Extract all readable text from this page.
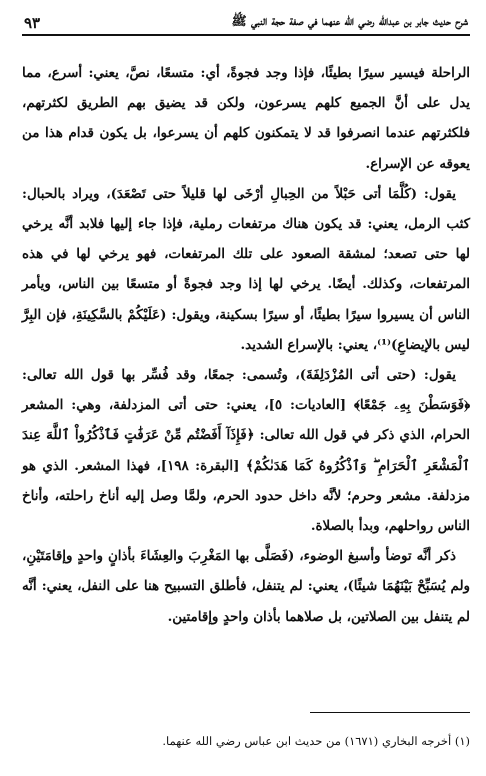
شرح حديث جابر بن عبدالله رضي الله عنهما في صفة حجة النبي ﷺ
٩٣

الراحلة فيسير سيرًا بطيئًا، فإذا وجد فجوةً، أي: متسعًا، نصَّ، يعني: أسرع، مما يدل على أنَّ الجميع كلهم يسرعون، ولكن قد يضيق بهم الطريق لكثرتهم، فلكثرتهم عندما انصرفوا قد لا يتمكنون كلهم أن يسرعوا، بل يكون قدام هذا من يعوقه عن الإسراع.

يقول: (كُلَّمَا أتى حَبْلاً من الحِبالِ أرْخَى لها قليلاً حتى تَصْعَدَ)، ويراد بالحبال: كثب الرمل، يعني: قد يكون هناك مرتفعات رملية، فإذا جاء إليها فلابد أنَّه يرخي لها حتى تصعد؛ لمشقة الصعود على تلك المرتفعات، فهو يرخي لها في هذه المرتفعات، وكذلك. أيضًا. يرخي لها إذا وجد فجوةً أو متسعًا بين الناس، ويأمر الناس أن يسيروا سيرًا بطيئًا، أو سيرًا بسكينة، ويقول: (عَلَيْكُمْ بالسَّكِينَةِ، فإن البِرَّ ليس بالإيضاعِ)⁽¹⁾، يعني: بالإسراع الشديد.

يقول: (حتى أتى المُزْدَلِفَةَ)، وتُسمى: جمعًا، وقد فُسِّر بها قول الله تعالى: ﴿فَوَسَطْنَ بِهِۦ جَمْعًا﴾ [العاديات: ٥]، يعني: حتى أتى المزدلفة، وهي: المشعر الحرام، الذي ذكر في قول الله تعالى: ﴿فَإِذَآ أَفَضْتُم مِّنْ عَرَفَٰتٍ فَٱذْكُرُواْ ٱللَّهَ عِندَ ٱلْمَشْعَرِ ٱلْحَرَامِ ۖ وَٱذْكُرُوهُ كَمَا هَدَىٰكُمْ﴾ [البقرة: ١٩٨]، فهذا المشعر. الذي هو مزدلفة. مشعر وحرم؛ لأنَّه داخل حدود الحرم، ولمَّا وصل إليه أناخ راحلته، وأناخ الناس رواحلهم، وبدأ بالصلاة.

ذكر أنَّه توضأ وأسبغ الوضوء، (فَصَلَّى بها المَغْرِبَ والعِشَاءَ بأذانٍ واحدٍ وإقامَتَيْنِ، ولم يُسَبِّحْ بَيْنَهُمَا شيئًا)، يعني: لم يتنفل، فأطلق التسبيح هنا على النفل، يعني: أنَّه لم يتنفل بين الصلاتين، بل صلاهما بأذان واحدٍ وإقامتين.

(١) أخرجه البخاري (١٦٧١) من حديث ابن عباس رضي الله عنهما.
